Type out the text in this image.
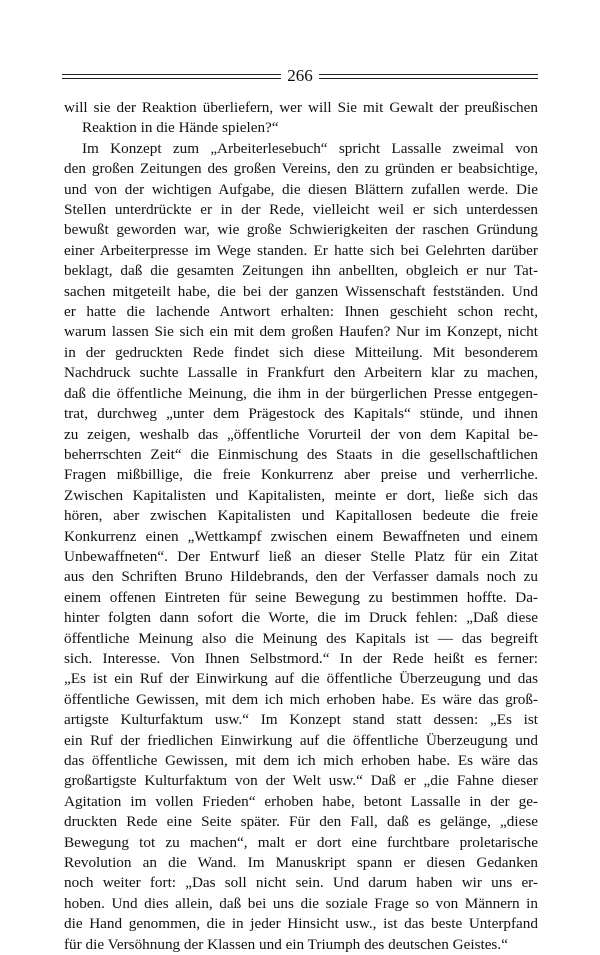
266
will sie der Reaktion überliefern, wer will Sie mit Gewalt der preußischen
Reaktion in die Hände spielen?“
Im Konzept zum „Arbeiterlesebuch“ spricht Lassalle zweimal von
den großen Zeitungen des großen Vereins, den zu gründen er beabsichtige,
und von der wichtigen Aufgabe, die diesen Blättern zufallen werde. Die
Stellen unterdrückte er in der Rede, vielleicht weil er sich unterdessen
bewußt geworden war, wie große Schwierigkeiten der raschen Gründung
einer Arbeiterpresse im Wege standen. Er hatte sich bei Gelehrten darüber
beklagt, daß die gesamten Zeitungen ihn anbellten, obgleich er nur Tat-
sachen mitgeteilt habe, die bei der ganzen Wissenschaft festständen. Und
er hatte die lachende Antwort erhalten: Ihnen geschieht schon recht,
warum lassen Sie sich ein mit dem großen Haufen? Nur im Konzept, nicht
in der gedruckten Rede findet sich diese Mitteilung. Mit besonderem
Nachdruck suchte Lassalle in Frankfurt den Arbeitern klar zu machen,
daß die öffentliche Meinung, die ihm in der bürgerlichen Presse entgegen-
trat, durchweg „unter dem Prägestock des Kapitals“ stünde, und ihnen
zu zeigen, weshalb das „öffentliche Vorurteil der von dem Kapital be-
beherrschten Zeit“ die Einmischung des Staats in die gesellschaftlichen
Fragen mißbillige, die freie Konkurrenz aber preise und verherrliche.
Zwischen Kapitalisten und Kapitalisten, meinte er dort, ließe sich das
hören, aber zwischen Kapitalisten und Kapitallosen bedeute die freie
Konkurrenz einen „Wettkampf zwischen einem Bewaffneten und einem
Unbewaffneten“. Der Entwurf ließ an dieser Stelle Platz für ein Zitat
aus den Schriften Bruno Hildebrands, den der Verfasser damals noch zu
einem offenen Eintreten für seine Bewegung zu bestimmen hoffte. Da-
hinter folgten dann sofort die Worte, die im Druck fehlen: „Daß diese
öffentliche Meinung also die Meinung des Kapitals ist — das begreift
sich. Interesse. Von Ihnen Selbstmord.“ In der Rede heißt es ferner:
„Es ist ein Ruf der Einwirkung auf die öffentliche Überzeugung und das
öffentliche Gewissen, mit dem ich mich erhoben habe. Es wäre das groß-
artigste Kulturfaktum usw.“ Im Konzept stand statt dessen: „Es ist
ein Ruf der friedlichen Einwirkung auf die öffentliche Überzeugung und
das öffentliche Gewissen, mit dem ich mich erhoben habe. Es wäre das
großartigste Kulturfaktum von der Welt usw.“ Daß er „die Fahne dieser
Agitation im vollen Frieden“ erhoben habe, betont Lassalle in der ge-
druckten Rede eine Seite später. Für den Fall, daß es gelänge, „diese
Bewegung tot zu machen“, malt er dort eine furchtbare proletarische
Revolution an die Wand. Im Manuskript spann er diesen Gedanken
noch weiter fort: „Das soll nicht sein. Und darum haben wir uns er-
hoben. Und dies allein, daß bei uns die soziale Frage so von Männern in
die Hand genommen, die in jeder Hinsicht usw., ist das beste Unterpfand
für die Versöhnung der Klassen und ein Triumph des deutschen Geistes.“
